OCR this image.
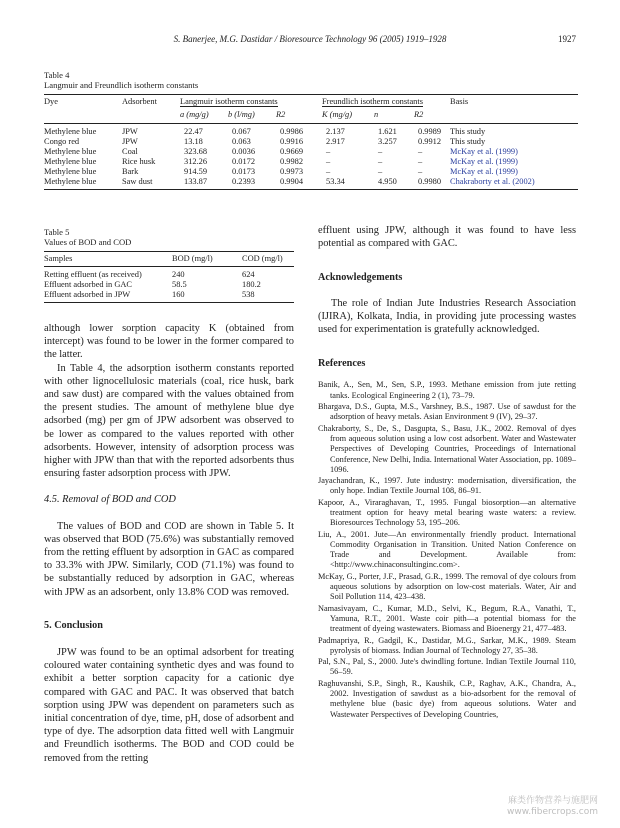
S. Banerjee, M.G. Dastidar / Bioresource Technology 96 (2005) 1919–1928	1927
Table 4
Langmuir and Freundlich isotherm constants
Dye	Adsorbent	Langmuir isotherm constants			Freundlich isotherm constants			Basis
		a (mg/g)	b (l/mg)	R2	K (mg/g)	n	R2	
Methylene blue	JPW	22.47	0.067	0.9986	2.137	1.621	0.9989	This study
Congo red	JPW	13.18	0.063	0.9916	2.917	3.257	0.9912	This study
Methylene blue	Coal	323.68	0.0036	0.9669	–	–	–	McKay et al. (1999)
Methylene blue	Rice husk	312.26	0.0172	0.9982	–	–	–	McKay et al. (1999)
Methylene blue	Bark	914.59	0.0173	0.9973	–	–	–	McKay et al. (1999)
Methylene blue	Saw dust	133.87	0.2393	0.9904	53.34	4.950	0.9980	Chakraborty et al. (2002)
Table 5
Values of BOD and COD
Samples	BOD (mg/l)	COD (mg/l)
Retting effluent (as received)	240	624
Effluent adsorbed in GAC	58.5	180.2
Effluent adsorbed in JPW	160	538

although lower sorption capacity K (obtained from intercept) was found to be lower in the former compared to the latter.

In Table 4, the adsorption isotherm constants reported with other lignocellulosic materials (coal, rice husk, bark and saw dust) are compared with the values obtained from the present studies. The amount of methylene blue dye adsorbed (mg) per gm of JPW adsorbent was observed to be lower as compared to the values reported with other adsorbents. However, intensity of adsorption process was higher with JPW than that with the reported adsorbents thus ensuring faster adsorption process with JPW.

4.5. Removal of BOD and COD

The values of BOD and COD are shown in Table 5. It was observed that BOD (75.6%) was substantially removed from the retting effluent by adsorption in GAC as compared to 33.3% with JPW. Similarly, COD (71.1%) was found to be substantially reduced by adsorption in GAC, whereas with JPW as an adsorbent, only 13.8% COD was removed.

5. Conclusion

JPW was found to be an optimal adsorbent for treating coloured water containing synthetic dyes and was found to exhibit a better sorption capacity for a cationic dye compared with GAC and PAC. It was observed that batch sorption using JPW was dependent on parameters such as initial concentration of dye, time, pH, dose of adsorbent and type of dye. The adsorption data fitted well with Langmuir and Freundlich isotherms. The BOD and COD could be removed from the retting

effluent using JPW, although it was found to have less potential as compared with GAC.

Acknowledgements

The role of Indian Jute Industries Research Association (IJIRA), Kolkata, India, in providing jute processing wastes used for experimentation is gratefully acknowledged.

References
Banik, A., Sen, M., Sen, S.P., 1993. Methane emission from jute retting tanks. Ecological Engineering 2 (1), 73–79.
Bhargava, D.S., Gupta, M.S., Varshney, B.S., 1987. Use of sawdust for the adsorption of heavy metals. Asian Environment 9 (IV), 29–37.
Chakraborty, S., De, S., Dasgupta, S., Basu, J.K., 2002. Removal of dyes from aqueous solution using a low cost adsorbent. Water and Wastewater Perspectives of Developing Countries, Proceedings of International Conference, New Delhi, India. International Water Association, pp. 1089–1096.
Jayachandran, K., 1997. Jute industry: modernisation, diversification, the only hope. Indian Textile Journal 108, 86–91.
Kapoor, A., Viraraghavan, T., 1995. Fungal biosorption—an alternative treatment option for heavy metal bearing waste waters: a review. Bioresources Technology 53, 195–206.
Liu, A., 2001. Jute—An environmentally friendly product. International Commodity Organisation in Transition. United Nation Conference on Trade and Development. Available from: <http://www.chinaconsultinginc.com>.
McKay, G., Porter, J.F., Prasad, G.R., 1999. The removal of dye colours from aqueous solutions by adsorption on low-cost materials. Water, Air and Soil Pollution 114, 423–438.
Namasivayam, C., Kumar, M.D., Selvi, K., Begum, R.A., Vanathi, T., Yamuna, R.T., 2001. Waste coir pith—a potential biomass for the treatment of dyeing wastewaters. Biomass and Bioenergy 21, 477–483.
Padmapriya, R., Gadgil, K., Dastidar, M.G., Sarkar, M.K., 1989. Steam pyrolysis of biomass. Indian Journal of Technology 27, 35–38.
Pal, S.N., Pal, S., 2000. Jute's dwindling fortune. Indian Textile Journal 110, 56–59.
Raghuvanshi, S.P., Singh, R., Kaushik, C.P., Raghav, A.K., Chandra, A., 2002. Investigation of sawdust as a bio-adsorbent for the removal of methylene blue (basic dye) from aqueous solutions. Water and Wastewater Perspectives of Developing Countries,
麻类作物营养与施肥网
www.fibercrops.com
